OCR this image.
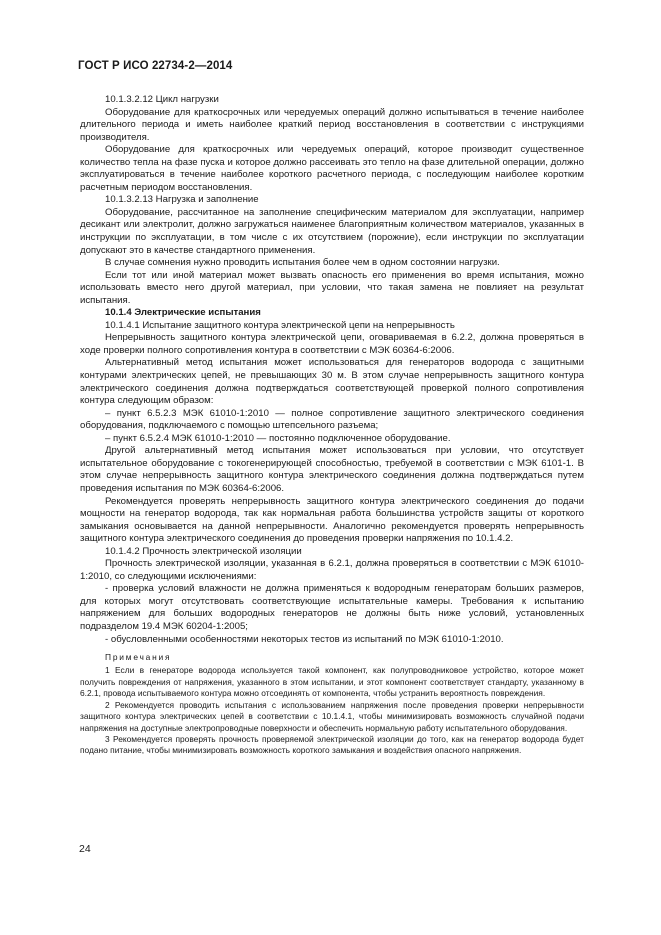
ГОСТ Р ИСО 22734-2—2014

10.1.3.2.12 Цикл нагрузки

Оборудование для краткосрочных или чередуемых операций должно испытываться в течение наиболее длительного периода и иметь наиболее краткий период восстановления в соответствии с инструкциями производителя.

Оборудование для краткосрочных или чередуемых операций, которое производит существенное количество тепла на фазе пуска и которое должно рассеивать это тепло на фазе длительной операции, должно эксплуатироваться в течение наиболее короткого расчетного периода, с последующим наиболее коротким расчетным периодом восстановления.

10.1.3.2.13 Нагрузка и заполнение

Оборудование, рассчитанное на заполнение специфическим материалом для эксплуатации, например десикант или электролит, должно загружаться наименее благоприятным количеством материалов, указанных в инструкции по эксплуатации, в том числе с их отсутствием (порожние), если инструкции по эксплуатации допускают это в качестве стандартного применения.

В случае сомнения нужно проводить испытания более чем в одном состоянии нагрузки.

Если тот или иной материал может вызвать опасность его применения во время испытания, можно использовать вместо него другой материал, при условии, что такая замена не повлияет на результат испытания.

10.1.4 Электрические испытания

10.1.4.1 Испытание защитного контура электрической цепи на непрерывность

Непрерывность защитного контура электрической цепи, оговариваемая в 6.2.2, должна проверяться в ходе проверки полного сопротивления контура в соответствии с МЭК 60364-6:2006.

Альтернативный метод испытания может использоваться для генераторов водорода с защитными контурами электрических цепей, не превышающих 30 м. В этом случае непрерывность защитного контура электрического соединения должна подтверждаться соответствующей проверкой полного сопротивления контура следующим образом:

– пункт 6.5.2.3 МЭК 61010-1:2010 — полное сопротивление защитного электрического соединения оборудования, подключаемого с помощью штепсельного разъема;

– пункт 6.5.2.4 МЭК 61010-1:2010 — постоянно подключенное оборудование.

Другой альтернативный метод испытания может использоваться при условии, что отсутствует испытательное оборудование с токогенерирующей способностью, требуемой в соответствии с МЭК 6101-1. В этом случае непрерывность защитного контура электрического соединения должна подтверждаться путем проведения испытания по МЭК 60364-6:2006.

Рекомендуется проверять непрерывность защитного контура электрического соединения до подачи мощности на генератор водорода, так как нормальная работа большинства устройств защиты от короткого замыкания основывается на данной непрерывности. Аналогично рекомендуется проверять непрерывность защитного контура электрического соединения до проведения проверки напряжения по 10.1.4.2.

10.1.4.2 Прочность электрической изоляции

Прочность электрической изоляции, указанная в 6.2.1, должна проверяться в соответствии с МЭК 61010-1:2010, со следующими исключениями:

- проверка условий влажности не должна применяться к водородным генераторам больших размеров, для которых могут отсутствовать соответствующие испытательные камеры. Требования к испытанию напряжением для больших водородных генераторов не должны быть ниже условий, установленных подразделом 19.4 МЭК 60204-1:2005;

- обусловленными особенностями некоторых тестов из испытаний по МЭК 61010-1:2010.

Примечания

1 Если в генераторе водорода используется такой компонент, как полупроводниковое устройство, которое может получить повреждения от напряжения, указанного в этом испытании, и этот компонент соответствует стандарту, указанному в 6.2.1, провода испытываемого контура можно отсоединять от компонента, чтобы устранить вероятность повреждения.

2 Рекомендуется проводить испытания с использованием напряжения после проведения проверки непрерывности защитного контура электрических цепей в соответствии с 10.1.4.1, чтобы минимизировать возможность случайной подачи напряжения на доступные электропроводные поверхности и обеспечить нормальную работу испытательного оборудования.

3 Рекомендуется проверять прочность проверяемой электрической изоляции до того, как на генератор водорода будет подано питание, чтобы минимизировать возможность короткого замыкания и воздействия опасного напряжения.

24
